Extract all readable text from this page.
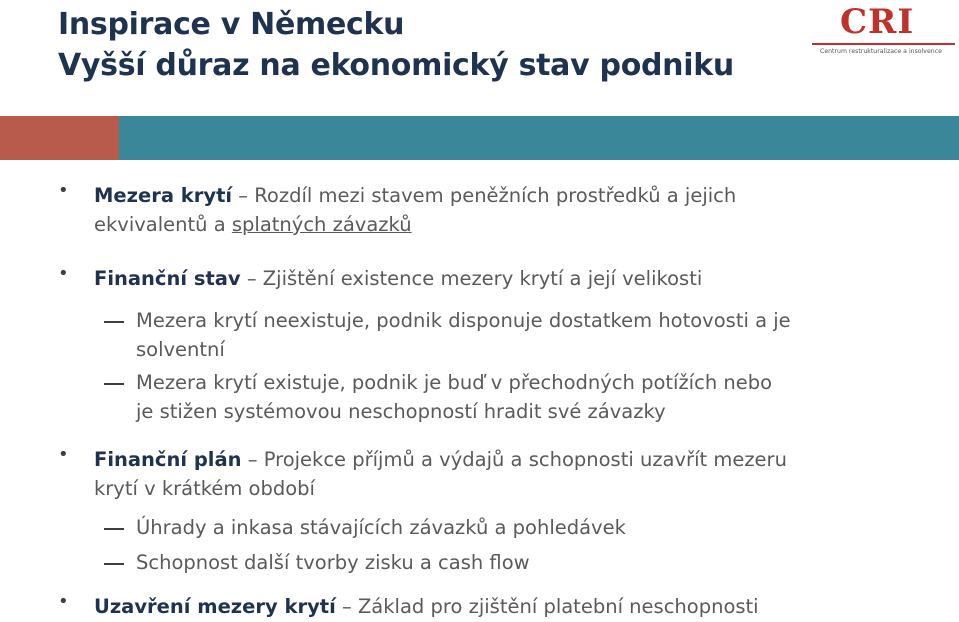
Inspirace v Německu
Vyšší důraz na ekonomický stav podniku
CRI
Centrum restrukturalizace a insolvence
• Mezera krytí – Rozdíl mezi stavem peněžních prostředků a jejich
ekvivalentů a splatných závazků
• Finanční stav – Zjištění existence mezery krytí a její velikosti
Mezera krytí neexistuje, podnik disponuje dostatkem hotovosti a je
solventní
Mezera krytí existuje, podnik je buď v přechodných potížích nebo
je stižen systémovou neschopností hradit své závazky
• Finanční plán – Projekce příjmů a výdajů a schopnosti uzavřít mezeru
krytí v krátkém období
Úhrady a inkasa stávajících závazků a pohledávek
Schopnost další tvorby zisku a cash flow
• Uzavření mezery krytí – Základ pro zjištění platební neschopnosti
